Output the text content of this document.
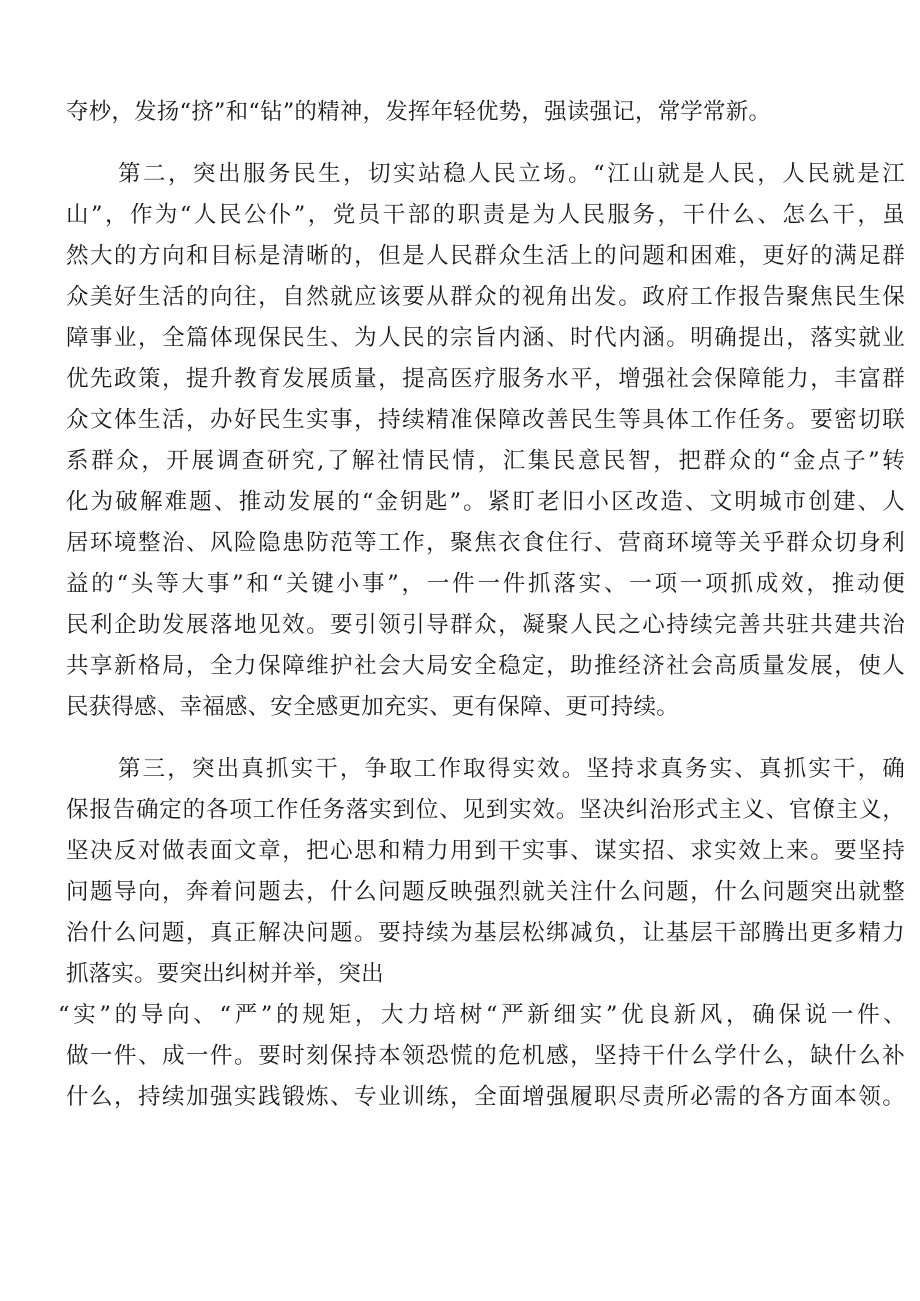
夺杪，发扬“挤”和“钻”的精神，发挥年轻优势，强读强记，常学常新。
第二，突出服务民生，切实站稳人民立场。“江山就是人民，人民就是江
山”，作为“人民公仆”，党员干部的职责是为人民服务，干什么、怎么干，虽
然大的方向和目标是清晰的，但是人民群众生活上的问题和困难，更好的满足群
众美好生活的向往，自然就应该要从群众的视角出发。政府工作报告聚焦民生保
障事业，全篇体现保民生、为人民的宗旨内涵、时代内涵。明确提出，落实就业
优先政策，提升教育发展质量，提高医疗服务水平，增强社会保障能力，丰富群
众文体生活，办好民生实事，持续精准保障改善民生等具体工作任务。要密切联
系群众，开展调查研究,了解社情民情，汇集民意民智，把群众的“金点子”转
化为破解难题、推动发展的“金钥匙”。紧盯老旧小区改造、文明城市创建、人
居环境整治、风险隐患防范等工作，聚焦衣食住行、营商环境等关乎群众切身利
益的“头等大事”和“关键小事”，一件一件抓落实、一项一项抓成效，推动便
民利企助发展落地见效。要引领引导群众，凝聚人民之心持续完善共驻共建共治
共享新格局，全力保障维护社会大局安全稳定，助推经济社会高质量发展，使人
民获得感、幸福感、安全感更加充实、更有保障、更可持续。
第三，突出真抓实干，争取工作取得实效。坚持求真务实、真抓实干，确
保报告确定的各项工作任务落实到位、见到实效。坚决纠治形式主义、官僚主义，
坚决反对做表面文章，把心思和精力用到干实事、谋实招、求实效上来。要坚持
问题导向，奔着问题去，什么问题反映强烈就关注什么问题，什么问题突出就整
治什么问题，真正解决问题。要持续为基层松绑减负，让基层干部腾出更多精力
抓落实。要突出纠树并举，突出
“实”的导向、“严”的规矩，大力培树“严新细实”优良新风，确保说一件、
做一件、成一件。要时刻保持本领恐慌的危机感，坚持干什么学什么，缺什么补
什么，持续加强实践锻炼、专业训练，全面增强履职尽责所必需的各方面本领。
